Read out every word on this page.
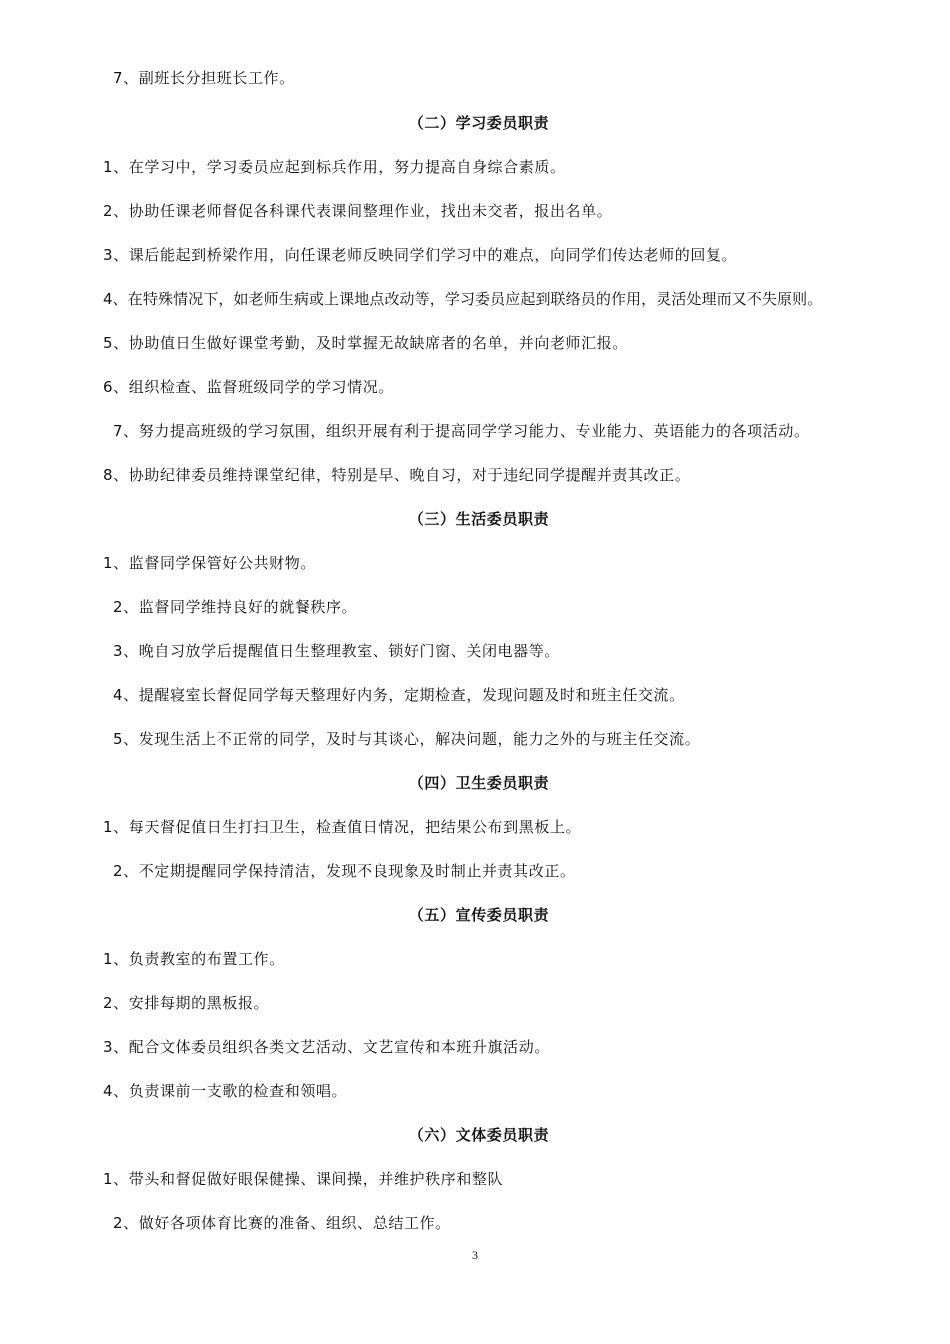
7、副班长分担班长工作。
（二）学习委员职责
1、在学习中，学习委员应起到标兵作用，努力提高自身综合素质。
2、协助任课老师督促各科课代表课间整理作业，找出未交者，报出名单。
3、课后能起到桥梁作用，向任课老师反映同学们学习中的难点，向同学们传达老师的回复。
4、在特殊情况下，如老师生病或上课地点改动等，学习委员应起到联络员的作用，灵活处理而又不失原则。
5、协助值日生做好课堂考勤，及时掌握无故缺席者的名单，并向老师汇报。
6、组织检查、监督班级同学的学习情况。
7、努力提高班级的学习氛围，组织开展有利于提高同学学习能力、专业能力、英语能力的各项活动。
8、协助纪律委员维持课堂纪律，特别是早、晚自习，对于违纪同学提醒并责其改正。
（三）生活委员职责
1、监督同学保管好公共财物。
2、监督同学维持良好的就餐秩序。
3、晚自习放学后提醒值日生整理教室、锁好门窗、关闭电器等。
4、提醒寝室长督促同学每天整理好内务，定期检查，发现问题及时和班主任交流。
5、发现生活上不正常的同学，及时与其谈心，解决问题，能力之外的与班主任交流。
（四）卫生委员职责
1、每天督促值日生打扫卫生，检查值日情况，把结果公布到黑板上。
2、不定期提醒同学保持清洁，发现不良现象及时制止并责其改正。
（五）宣传委员职责
1、负责教室的布置工作。
2、安排每期的黑板报。
3、配合文体委员组织各类文艺活动、文艺宣传和本班升旗活动。
4、负责课前一支歌的检查和领唱。
（六）文体委员职责
1、带头和督促做好眼保健操、课间操，并维护秩序和整队
2、做好各项体育比赛的准备、组织、总结工作。
3
